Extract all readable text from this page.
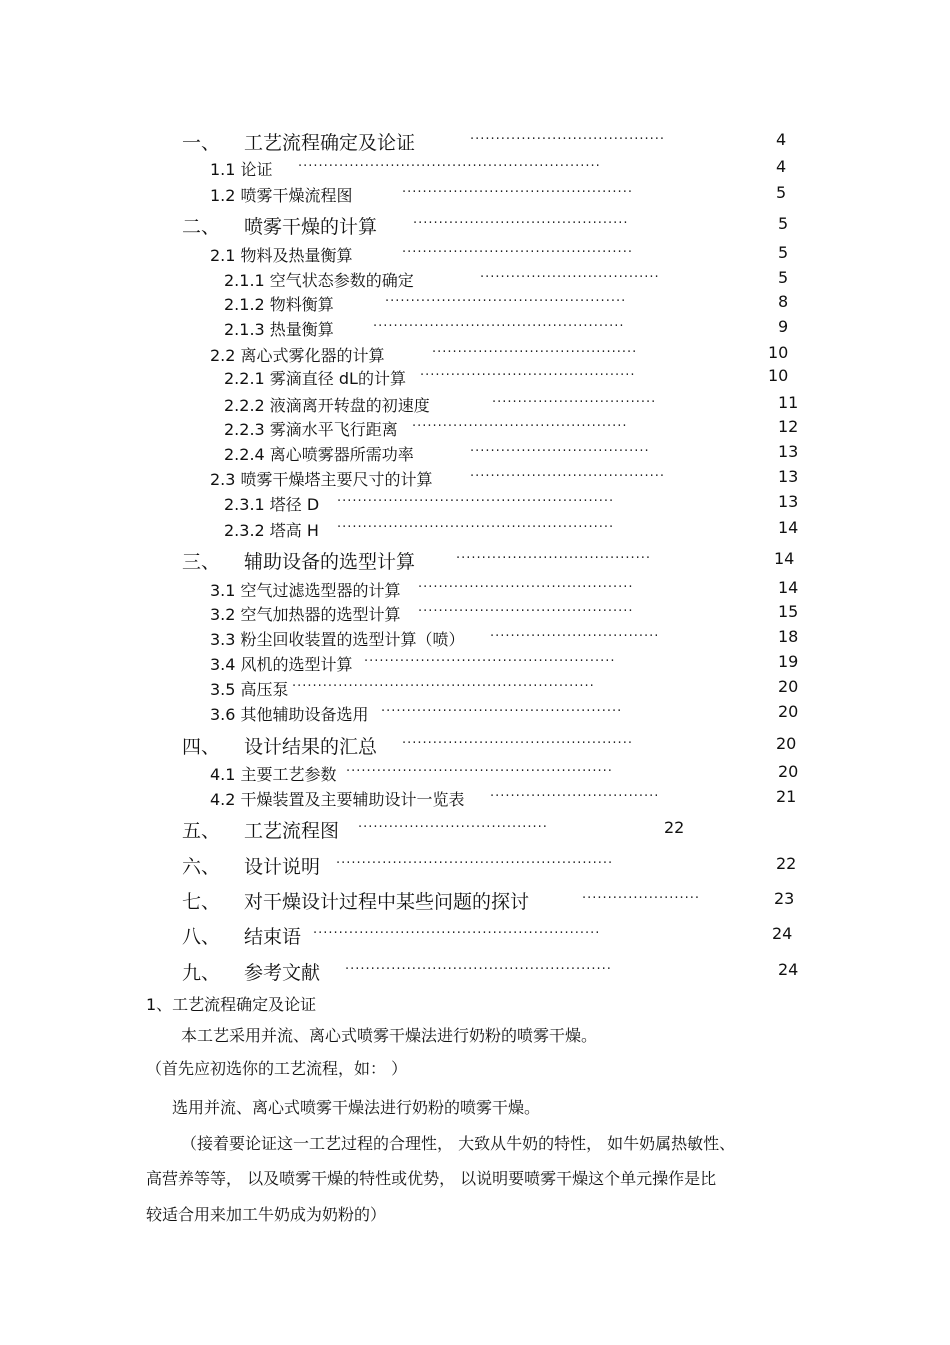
一、 工艺流程确定及论证	······································	4
1.1 论证 ···························································	4
1.2 喷雾干燥流程图	·············································	5
二、 喷雾干燥的计算	··········································	5
2.1 物料及热量衡算	·············································	5
2.1.1 空气状态参数的确定	···································	5
2.1.2 物料衡算	···············································	8
2.1.3 热量衡算	·················································	9
2.2 离心式雾化器的计算	········································	10
2.2.1 雾滴直径 dL的计算 ··········································	10
2.2.2 液滴离开转盘的初速度	································	11
2.2.3 雾滴水平飞行距离 ··········································	12
2.2.4 离心喷雾器所需功率	···································	13
2.3 喷雾干燥塔主要尺寸的计算	······································	13
2.3.1 塔径 D ······················································	13
2.3.2 塔高 H ······················································	14
三、 辅助设备的选型计算	······································	14
3.1 空气过滤选型器的计算 ··········································	14
3.2 空气加热器的选型计算 ··········································	15
3.3 粉尘回收装置的选型计算（喷） ·································	18
3.4 风机的选型计算 ·················································	19
3.5 高压泵 ···························································	20
3.6 其他辅助设备选用 ···············································	20
四、 设计结果的汇总 ·············································	20
4.1 主要工艺参数 ····················································	20
4.2 干燥装置及主要辅助设计一览表 ·································	21
五、 工艺流程图 ·····································	22
六、 设计说明 ······················································	22
七、 对干燥设计过程中某些问题的探讨	·······················	23
八、 结束语 ························································	24
九、 参考文献 ····················································	24
1、工艺流程确定及论证
本工艺采用并流、离心式喷雾干燥法进行奶粉的喷雾干燥。
（首先应初选你的工艺流程，如： ）
选用并流、离心式喷雾干燥法进行奶粉的喷雾干燥。
（接着要论证这一工艺过程的合理性， 大致从牛奶的特性， 如牛奶属热敏性、
高营养等等， 以及喷雾干燥的特性或优势， 以说明要喷雾干燥这个单元操作是比
较适合用来加工牛奶成为奶粉的）
